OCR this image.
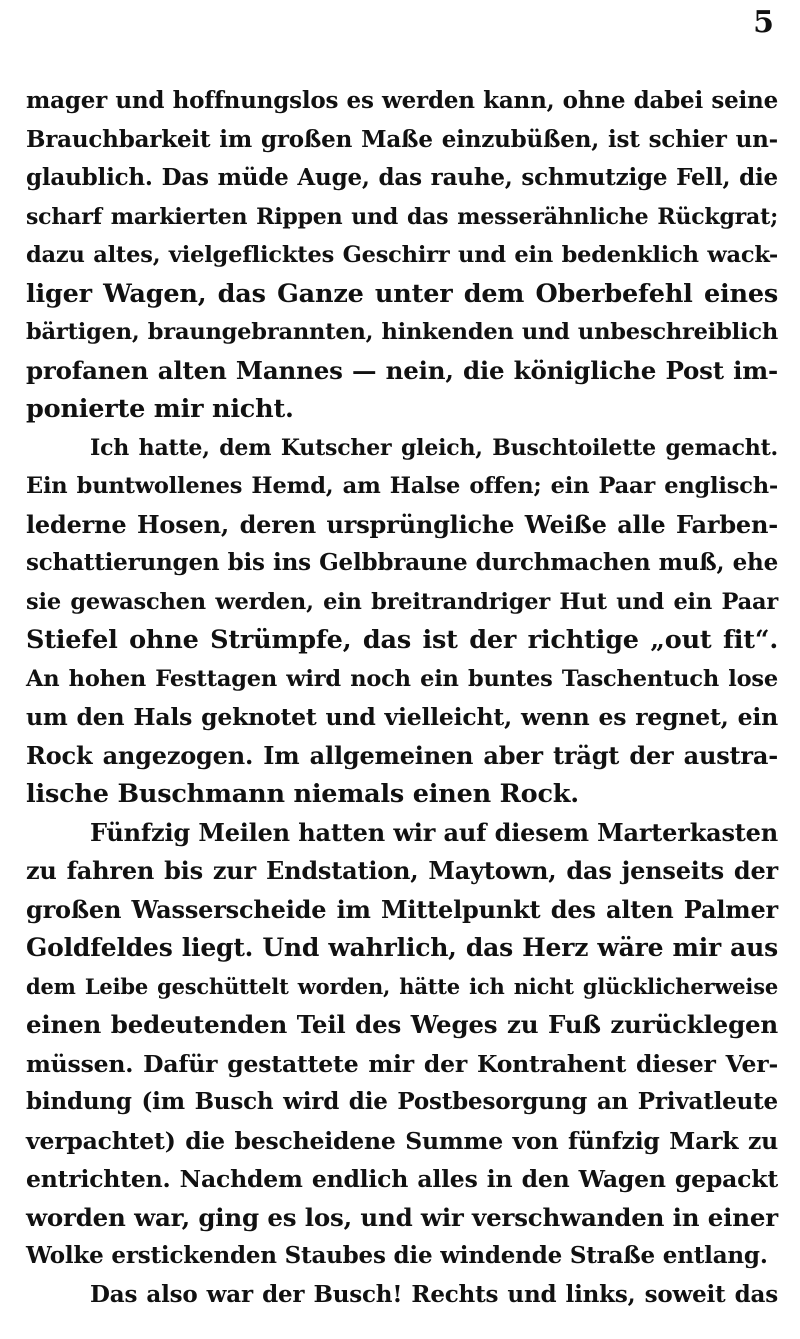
5
mager und hoffnungslos es werden kann, ohne dabei seine
Brauchbarkeit im großen Maße einzubüßen, ist schier un-
glaublich. Das müde Auge, das rauhe, schmutzige Fell, die
scharf markierten Rippen und das messerähnliche Rückgrat;
dazu altes, vielgeflicktes Geschirr und ein bedenklich wack-
liger Wagen, das Ganze unter dem Oberbefehl eines
bärtigen, braungebrannten, hinkenden und unbeschreiblich
profanen alten Mannes — nein, die königliche Post im-
ponierte mir nicht.
Ich hatte, dem Kutscher gleich, Buschtoilette gemacht.
Ein buntwollenes Hemd, am Halse offen; ein Paar englisch-
lederne Hosen, deren ursprüngliche Weiße alle Farben-
schattierungen bis ins Gelbbraune durchmachen muß, ehe
sie gewaschen werden, ein breitrandriger Hut und ein Paar
Stiefel ohne Strümpfe, das ist der richtige „out fit“.
An hohen Festtagen wird noch ein buntes Taschentuch lose
um den Hals geknotet und vielleicht, wenn es regnet, ein
Rock angezogen. Im allgemeinen aber trägt der austra-
lische Buschmann niemals einen Rock.
Fünfzig Meilen hatten wir auf diesem Marterkasten
zu fahren bis zur Endstation, Maytown, das jenseits der
großen Wasserscheide im Mittelpunkt des alten Palmer
Goldfeldes liegt. Und wahrlich, das Herz wäre mir aus
dem Leibe geschüttelt worden, hätte ich nicht glücklicherweise
einen bedeutenden Teil des Weges zu Fuß zurücklegen
müssen. Dafür gestattete mir der Kontrahent dieser Ver-
bindung (im Busch wird die Postbesorgung an Privatleute
verpachtet) die bescheidene Summe von fünfzig Mark zu
entrichten. Nachdem endlich alles in den Wagen gepackt
worden war, ging es los, und wir verschwanden in einer
Wolke erstickenden Staubes die windende Straße entlang.
Das also war der Busch! Rechts und links, soweit das
